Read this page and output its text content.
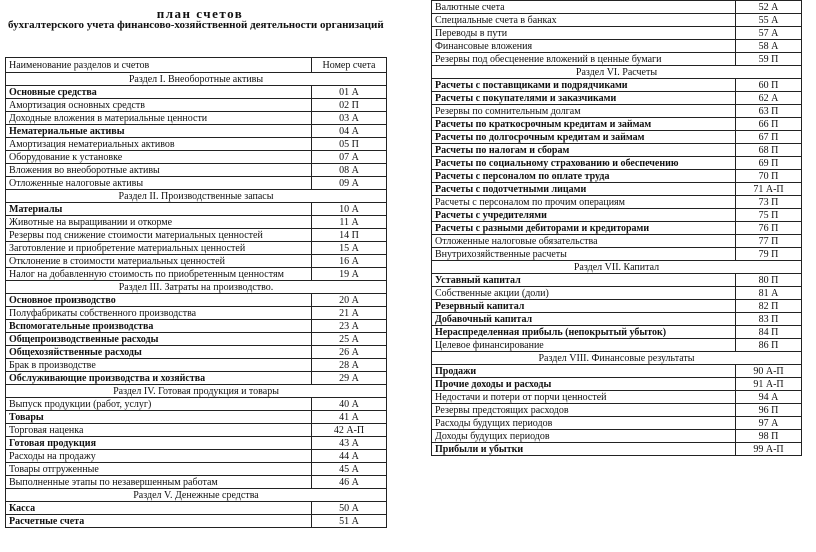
план счетов
бухгалтерского учета финансово-хозяйственной деятельности организаций
Наименование разделов и счетов	Номер счета
Раздел I. Внеоборотные активы	
Основные средства	01 А
Амортизация основных средств	02 П
Доходные вложения в материальные ценности	03 А
Нематериальные активы	04 А
Амортизация нематериальных активов	05 П
Оборудование к установке	07 А
Вложения во внеоборотные активы	08 А
Отложенные налоговые активы	09 А
Раздел II. Производственные запасы	
Материалы	10 А
Животные на выращивании и откорме	11 А
Резервы под снижение стоимости материальных ценностей	14 П
Заготовление и приобретение материальных ценностей	15 А
Отклонение в стоимости материальных ценностей	16 А
Налог на добавленную стоимость по приобретенным ценностям	19 А
Раздел III. Затраты на производство.	
Основное производство	20 А
Полуфабрикаты собственного производства	21 А
Вспомогательные производства	23 А
Общепроизводственные расходы	25 А
Общехозяйственные расходы	26 А
Брак в производстве	28 А
Обслуживающие производства и хозяйства	29 А
Раздел IV. Готовая продукция и товары	
Выпуск продукции (работ, услуг)	40 А
Товары	41 А
Торговая наценка	42 А-П
Готовая продукция	43 А
Расходы на продажу	44 А
Товары отгруженные	45 А
Выполненные этапы по незавершенным работам	46 А
Раздел V. Денежные средства	
Касса	50 А
Расчетные счета	51 А
Валютные счета	52 А
Специальные счета в банках	55 А
Переводы в пути	57 А
Финансовые вложения	58 А
Резервы под обесценение вложений в ценные бумаги	59 П
Раздел VI. Расчеты	
Расчеты с поставщиками и подрядчиками	60 П
Расчеты с покупателями и заказчиками	62 А
Резервы по сомнительным долгам	63 П
Расчеты по краткосрочным кредитам и займам	66 П
Расчеты по долгосрочным кредитам и займам	67 П
Расчеты по налогам и сборам	68 П
Расчеты по социальному страхованию и обеспечению	69 П
Расчеты с персоналом по оплате труда	70 П
Расчеты с подотчетными лицами	71 А-П
Расчеты с персоналом по прочим операциям	73 П
Расчеты с учредителями	75 П
Расчеты с разными дебиторами и кредиторами	76 П
Отложенные налоговые обязательства	77 П
Внутрихозяйственные расчеты	79 П
Раздел VII. Капитал	
Уставный капитал	80 П
Собственные акции (доли)	81 А
Резервный капитал	82 П
Добавочный капитал	83 П
Нераспределенная прибыль (непокрытый убыток)	84 П
Целевое финансирование	86 П
Раздел VIII. Финансовые результаты	
Продажи	90 А-П
Прочие доходы и расходы	91 А-П
Недостачи и потери от порчи ценностей	94 А
Резервы предстоящих расходов	96 П
Расходы будущих периодов	97 А
Доходы будущих периодов	98 П
Прибыли и убытки	99 А-П
